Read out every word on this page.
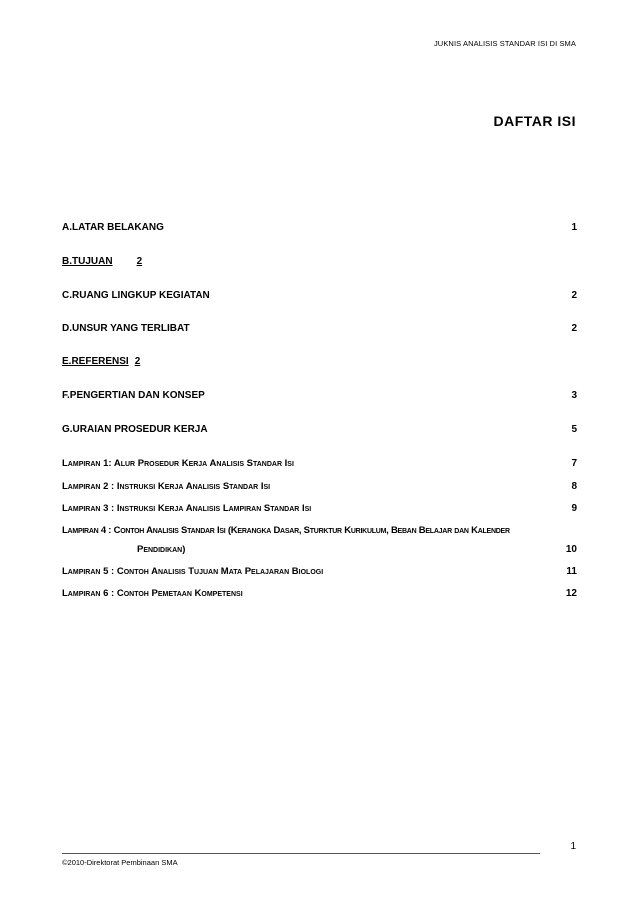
JUKNIS ANALISIS STANDAR ISI DI SMA
DAFTAR ISI
A.LATAR BELAKANG	1
B.TUJUAN 2
C.RUANG LINGKUP KEGIATAN	2
D.UNSUR YANG TERLIBAT	2
E.REFERENSI 2
F.PENGERTIAN DAN KONSEP	3
G.URAIAN PROSEDUR KERJA	5
Lampiran 1: Alur Prosedur Kerja Analisis Standar Isi	7
Lampiran 2 : Instruksi Kerja Analisis Standar Isi	8
Lampiran 3 : Instruksi Kerja Analisis Lampiran Standar Isi	9
Lampiran 4 : Contoh Analisis Standar Isi (Kerangka Dasar, Sturktur Kurikulum, Beban Belajar dan Kalender
Pendidikan)	10
Lampiran 5 : Contoh Analisis Tujuan Mata Pelajaran Biologi	11
Lampiran 6 : Contoh Pemetaan Kompetensi	12
1
©2010-Direktorat Pembinaan SMA
